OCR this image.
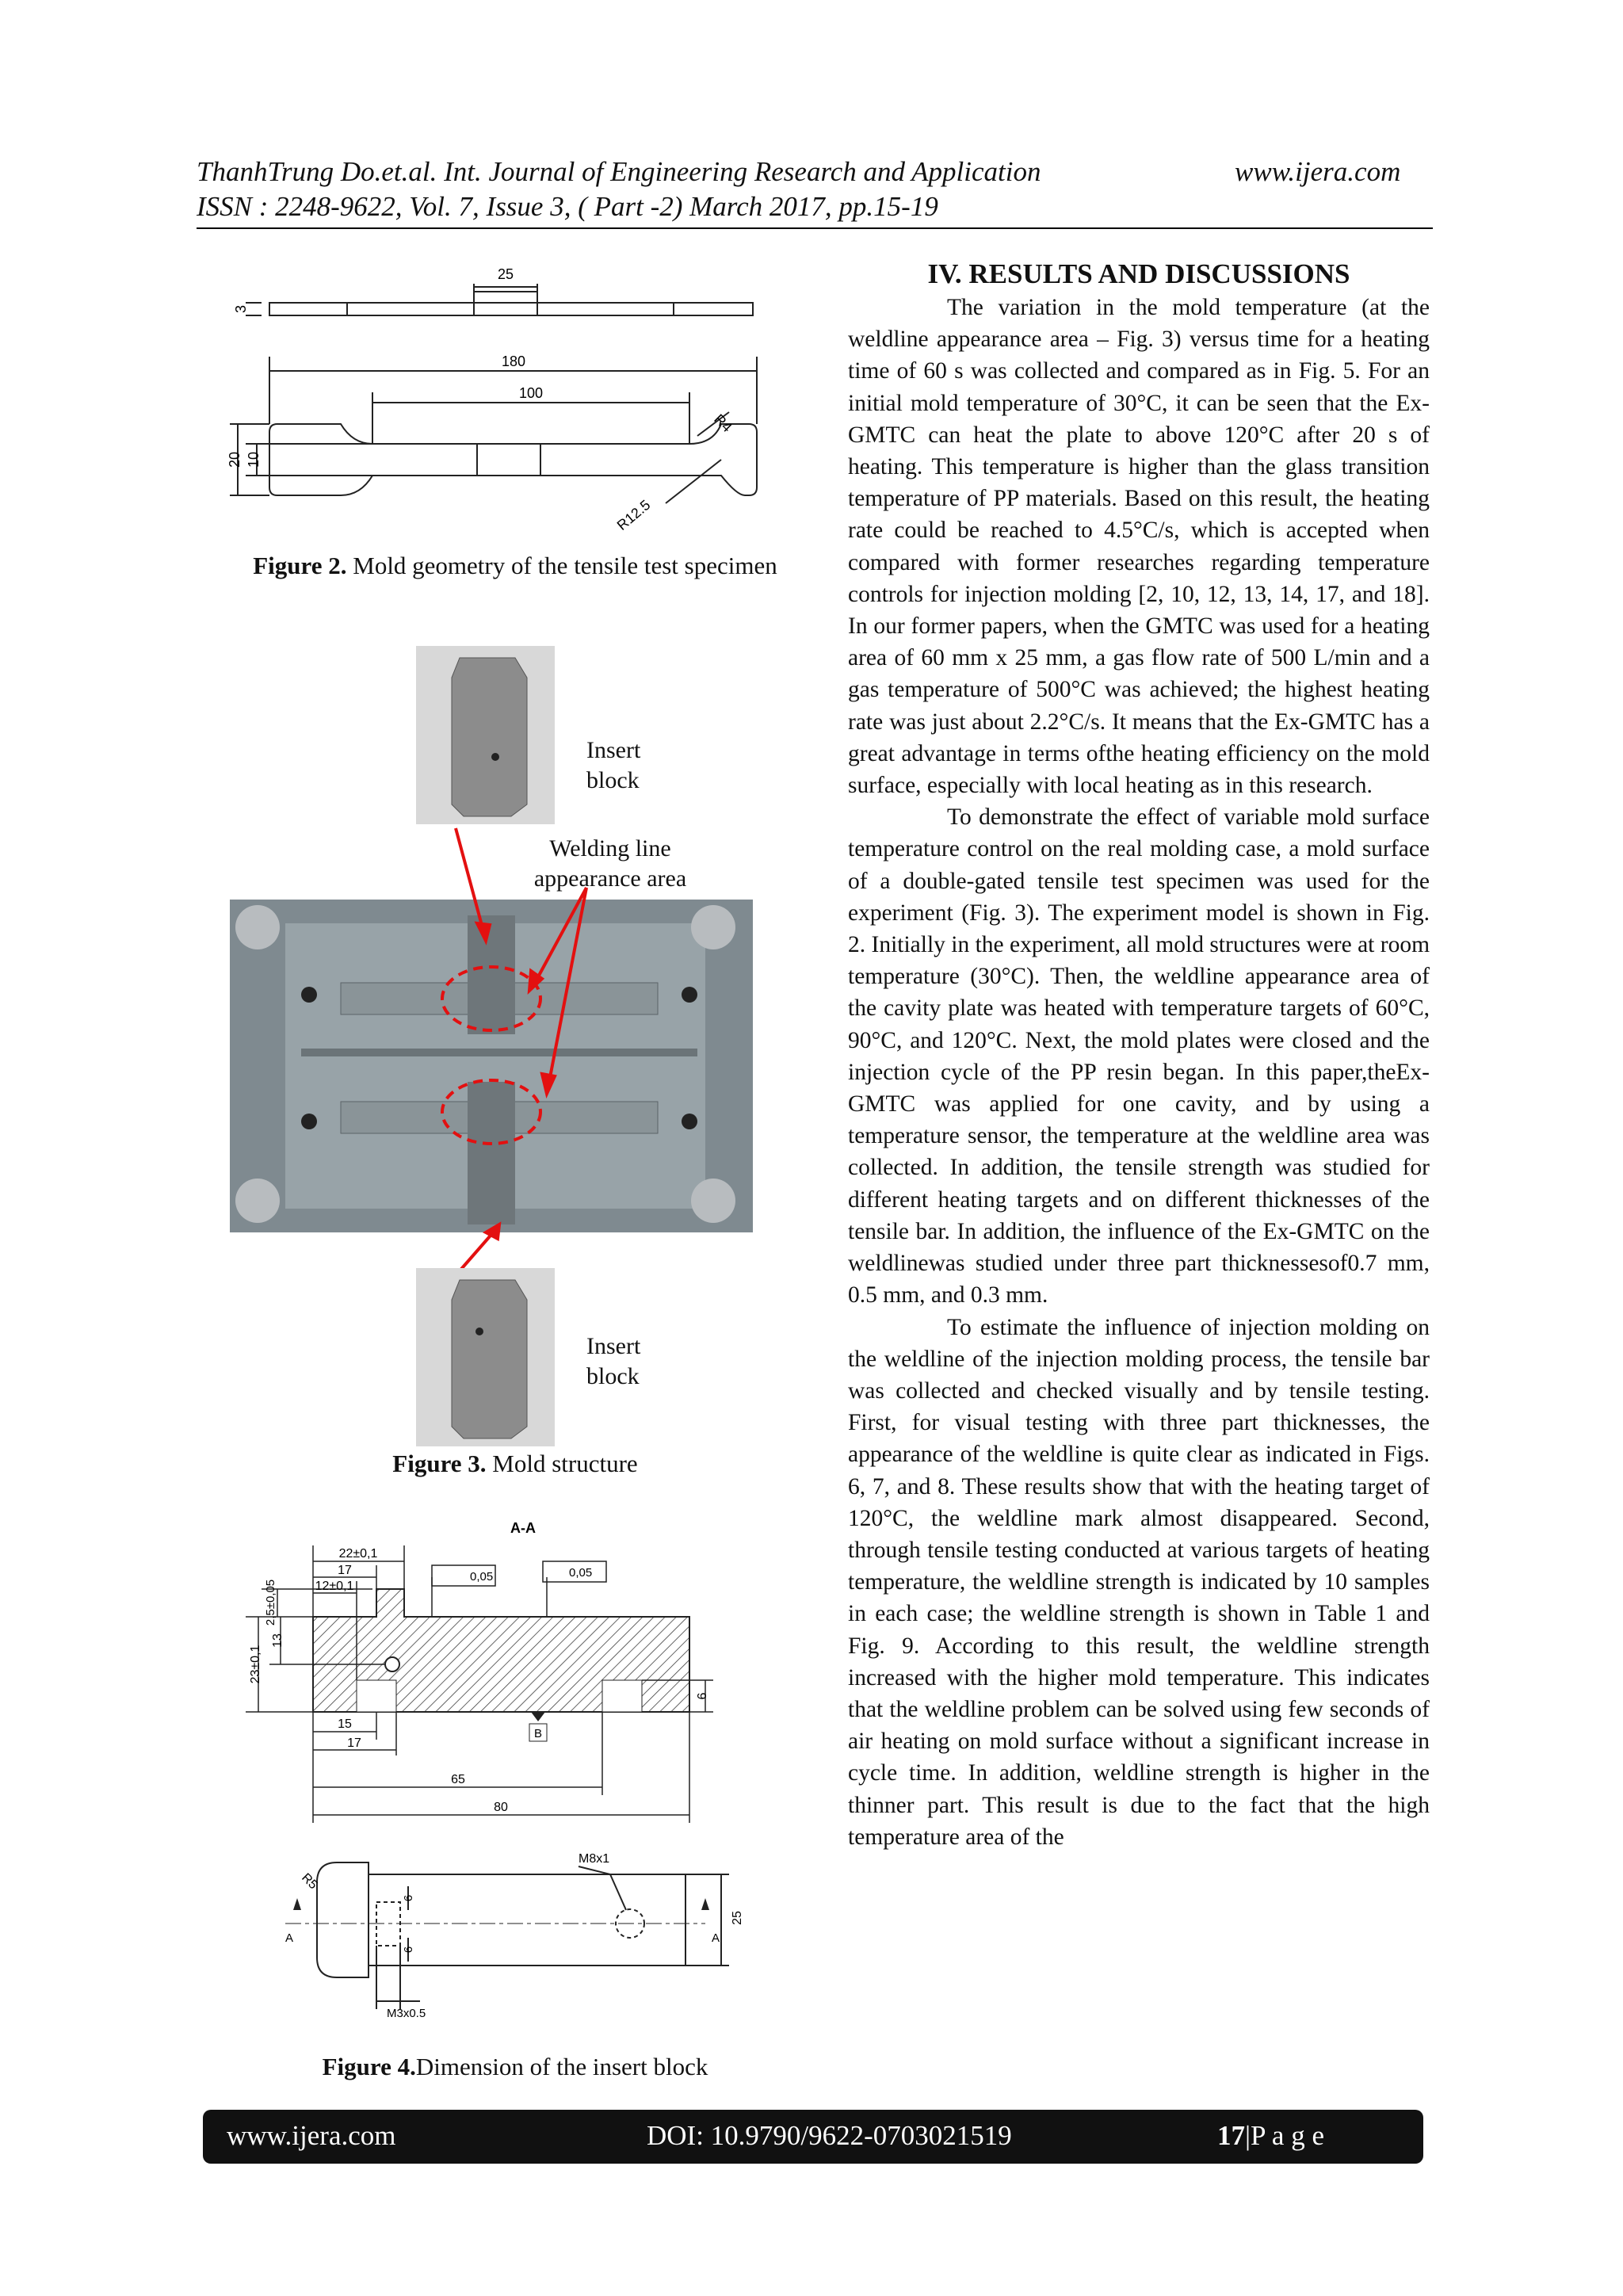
ThanhTrung Do.et.al. Int. Journal of Engineering Research and Application	www.ijera.com
ISSN : 2248-9622, Vol. 7, Issue 3, ( Part -2) March 2017, pp.15-19
25
3
180
100
20 10
R4
R12.5
Figure 2. Mold geometry of the tensile test specimen
Insert
block
Welding line
appearance area
Insert
block
Figure 3. Mold structure
A-A
22±0,1
17
12±0,1
2,5±0,05
13
23±0,1
6
15
17
65
80
0,05	0,05
B
R5
M8x1
M3x0.5
6
6
25
A	A
Figure 4.Dimension of the insert block
IV. RESULTS AND DISCUSSIONS

The variation in the mold temperature (at the weldline appearance area – Fig. 3) versus time for a heating time of 60 s was collected and compared as in Fig. 5. For an initial mold temperature of 30°C, it can be seen that the Ex-GMTC can heat the plate to above 120°C after 20 s of heating. This temperature is higher than the glass transition temperature of PP materials. Based on this result, the heating rate could be reached to 4.5°C/s, which is accepted when compared with former researches regarding temperature controls for injection molding [2, 10, 12, 13, 14, 17, and 18]. In our former papers, when the GMTC was used for a heating area of 60 mm x 25 mm, a gas flow rate of 500 L/min and a gas temperature of 500°C was achieved; the highest heating rate was just about 2.2°C/s. It means that the Ex-GMTC has a great advantage in terms ofthe heating efficiency on the mold surface, especially with local heating as in this research.

To demonstrate the effect of variable mold surface temperature control on the real molding case, a mold surface of a double-gated tensile test specimen was used for the experiment (Fig. 3). The experiment model is shown in Fig. 2. Initially in the experiment, all mold structures were at room temperature (30°C). Then, the weldline appearance area of the cavity plate was heated with temperature targets of 60°C, 90°C, and 120°C. Next, the mold plates were closed and the injection cycle of the PP resin began. In this paper,theEx-GMTC was applied for one cavity, and by using a temperature sensor, the temperature at the weldline area was collected. In addition, the tensile strength was studied for different heating targets and on different thicknesses of the tensile bar. In addition, the influence of the Ex-GMTC on the weldlinewas studied under three part thicknessesof0.7 mm, 0.5 mm, and 0.3 mm.

To estimate the influence of injection molding on the weldline of the injection molding process, the tensile bar was collected and checked visually and by tensile testing. First, for visual testing with three part thicknesses, the appearance of the weldline is quite clear as indicated in Figs. 6, 7, and 8. These results show that with the heating target of 120°C, the weldline mark almost disappeared. Second, through tensile testing conducted at various targets of heating temperature, the weldline strength is indicated by 10 samples in each case; the weldline strength is shown in Table 1 and Fig. 9. According to this result, the weldline strength increased with the higher mold temperature. This indicates that the weldline problem can be solved using few seconds of air heating on mold surface without a significant increase in cycle time. In addition, weldline strength is higher in the thinner part. This result is due to the fact that the high temperature area of the

www.ijera.com	DOI: 10.9790/9622-0703021519	17|P a g e
